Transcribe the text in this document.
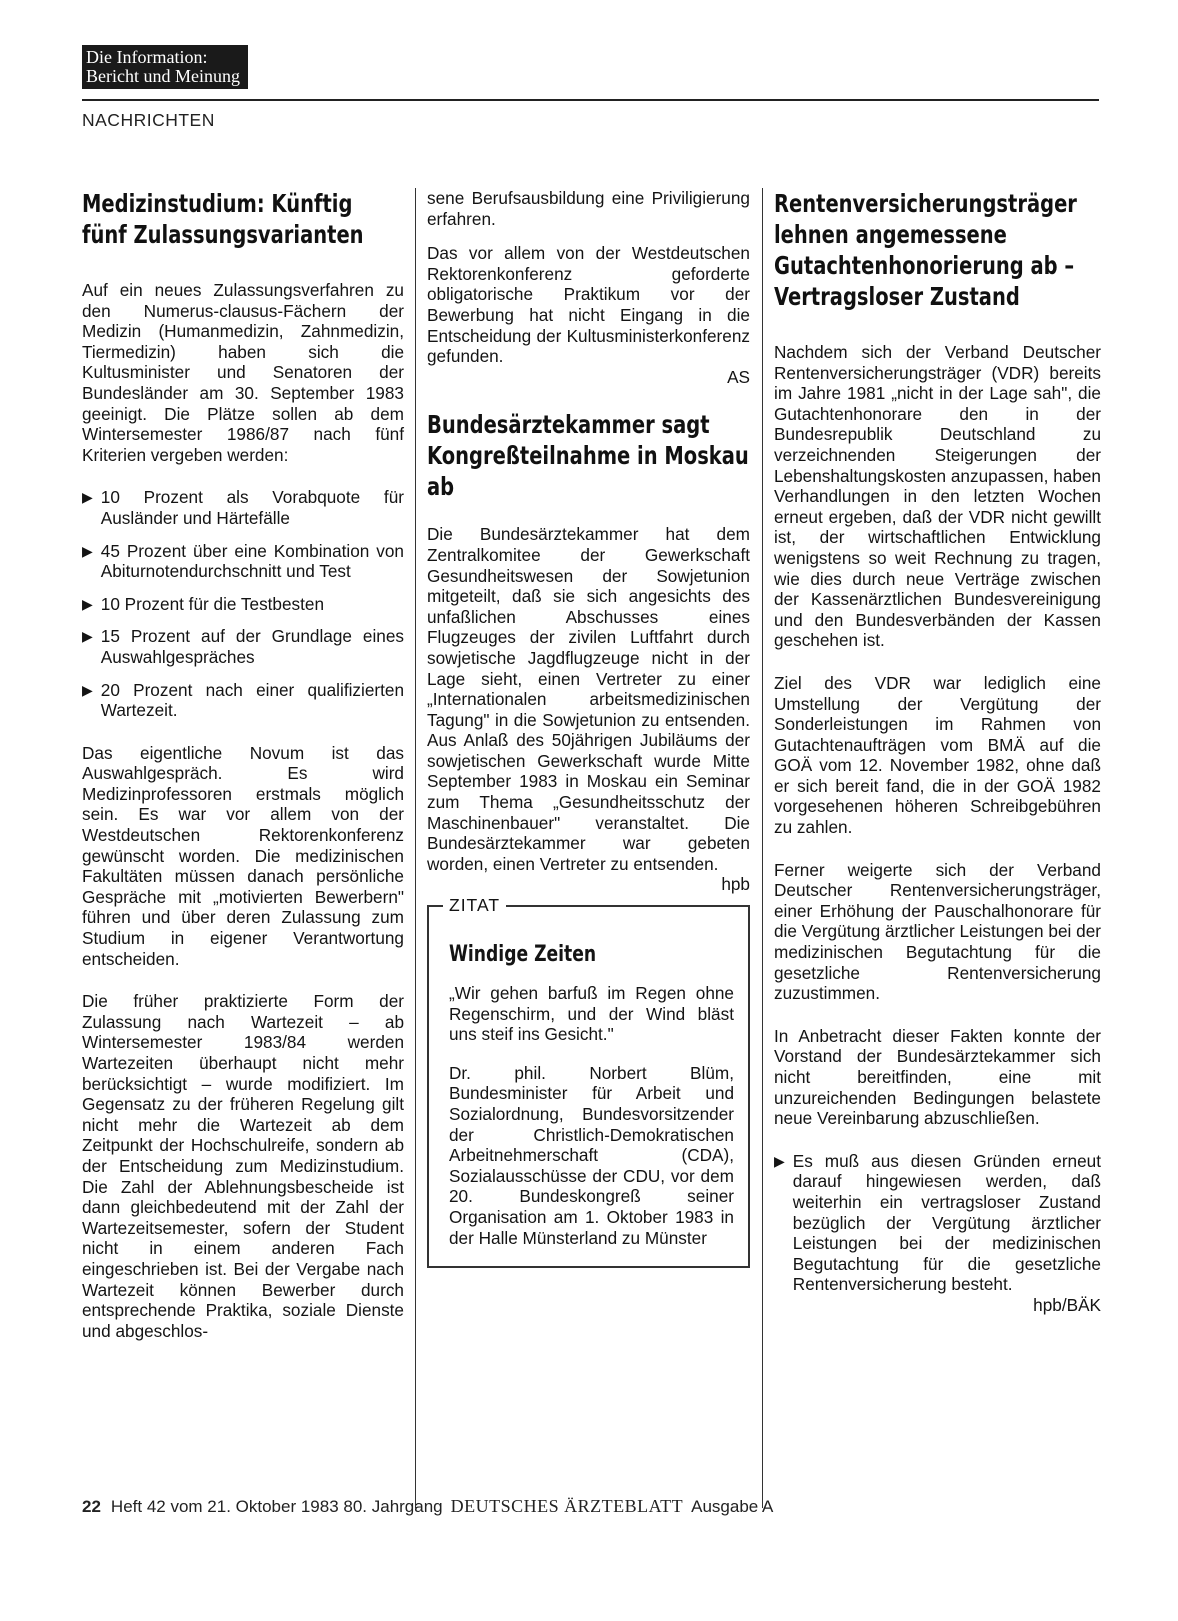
Die Information:
Bericht und Meinung
NACHRICHTEN
Medizinstudium: Künftig fünf Zulassungsvarianten

Auf ein neues Zulassungsverfahren zu den Numerus-clausus-Fächern der Medizin (Humanmedizin, Zahnmedizin, Tiermedizin) haben sich die Kultusminister und Senatoren der Bundesländer am 30. September 1983 geeinigt. Die Plätze sollen ab dem Wintersemester 1986/87 nach fünf Kriterien vergeben werden:

▶ 10 Prozent als Vorabquote für Ausländer und Härtefälle

▶ 45 Prozent über eine Kombination von Abiturnotendurchschnitt und Test

▶ 10 Prozent für die Testbesten

▶ 15 Prozent auf der Grundlage eines Auswahlgespräches

▶ 20 Prozent nach einer qualifizierten Wartezeit.

Das eigentliche Novum ist das Auswahlgespräch. Es wird Medizinprofessoren erstmals möglich sein. Es war vor allem von der Westdeutschen Rektorenkonferenz gewünscht worden. Die medizinischen Fakultäten müssen danach persönliche Gespräche mit „motivierten Bewerbern" führen und über deren Zulassung zum Studium in eigener Verantwortung entscheiden.

Die früher praktizierte Form der Zulassung nach Wartezeit – ab Wintersemester 1983/84 werden Wartezeiten überhaupt nicht mehr berücksichtigt – wurde modifiziert. Im Gegensatz zu der früheren Regelung gilt nicht mehr die Wartezeit ab dem Zeitpunkt der Hochschulreife, sondern ab der Entscheidung zum Medizinstudium. Die Zahl der Ablehnungsbescheide ist dann gleichbedeutend mit der Zahl der Wartezeitsemester, sofern der Student nicht in einem anderen Fach eingeschrieben ist. Bei der Vergabe nach Wartezeit können Bewerber durch entsprechende Praktika, soziale Dienste und abgeschlos-

sene Berufsausbildung eine Priviligierung erfahren.

Das vor allem von der Westdeutschen Rektorenkonferenz geforderte obligatorische Praktikum vor der Bewerbung hat nicht Eingang in die Entscheidung der Kultusministerkonferenz gefunden.

AS
Bundesärztekammer sagt Kongreßteilnahme in Moskau ab

Die Bundesärztekammer hat dem Zentralkomitee der Gewerkschaft Gesundheitswesen der Sowjetunion mitgeteilt, daß sie sich angesichts des unfaßlichen Abschusses eines Flugzeuges der zivilen Luftfahrt durch sowjetische Jagdflugzeuge nicht in der Lage sieht, einen Vertreter zu einer „Internationalen arbeitsmedizinischen Tagung" in die Sowjetunion zu entsenden. Aus Anlaß des 50jährigen Jubiläums der sowjetischen Gewerkschaft wurde Mitte September 1983 in Moskau ein Seminar zum Thema „Gesundheitsschutz der Maschinenbauer" veranstaltet. Die Bundesärztekammer war gebeten worden, einen Vertreter zu entsenden.

hpb
ZITAT
Windige Zeiten

„Wir gehen barfuß im Regen ohne Regenschirm, und der Wind bläst uns steif ins Gesicht."

Dr. phil. Norbert Blüm, Bundesminister für Arbeit und Sozialordnung, Bundesvorsitzender der Christlich-Demokratischen Arbeitnehmerschaft (CDA), Sozialausschüsse der CDU, vor dem 20. Bundeskongreß seiner Organisation am 1. Oktober 1983 in der Halle Münsterland zu Münster

Rentenversicherungsträger lehnen angemessene Gutachtenhonorierung ab – Vertragsloser Zustand

Nachdem sich der Verband Deutscher Rentenversicherungsträger (VDR) bereits im Jahre 1981 „nicht in der Lage sah", die Gutachtenhonorare den in der Bundesrepublik Deutschland zu verzeichnenden Steigerungen der Lebenshaltungskosten anzupassen, haben Verhandlungen in den letzten Wochen erneut ergeben, daß der VDR nicht gewillt ist, der wirtschaftlichen Entwicklung wenigstens so weit Rechnung zu tragen, wie dies durch neue Verträge zwischen der Kassenärztlichen Bundesvereinigung und den Bundesverbänden der Kassen geschehen ist.

Ziel des VDR war lediglich eine Umstellung der Vergütung der Sonderleistungen im Rahmen von Gutachtenaufträgen vom BMÄ auf die GOÄ vom 12. November 1982, ohne daß er sich bereit fand, die in der GOÄ 1982 vorgesehenen höheren Schreibgebühren zu zahlen.

Ferner weigerte sich der Verband Deutscher Rentenversicherungsträger, einer Erhöhung der Pauschalhonorare für die Vergütung ärztlicher Leistungen bei der medizinischen Begutachtung für die gesetzliche Rentenversicherung zuzustimmen.

In Anbetracht dieser Fakten konnte der Vorstand der Bundesärztekammer sich nicht bereitfinden, eine mit unzureichenden Bedingungen belastete neue Vereinbarung abzuschließen.

▶ Es muß aus diesen Gründen erneut darauf hingewiesen werden, daß weiterhin ein vertragsloser Zustand bezüglich der Vergütung ärztlicher Leistungen bei der medizinischen Begutachtung für die gesetzliche Rentenversicherung besteht.

hpb/BÄK
22 Heft 42 vom 21. Oktober 1983 80. Jahrgang DEUTSCHES ÄRZTEBLATT Ausgabe A
